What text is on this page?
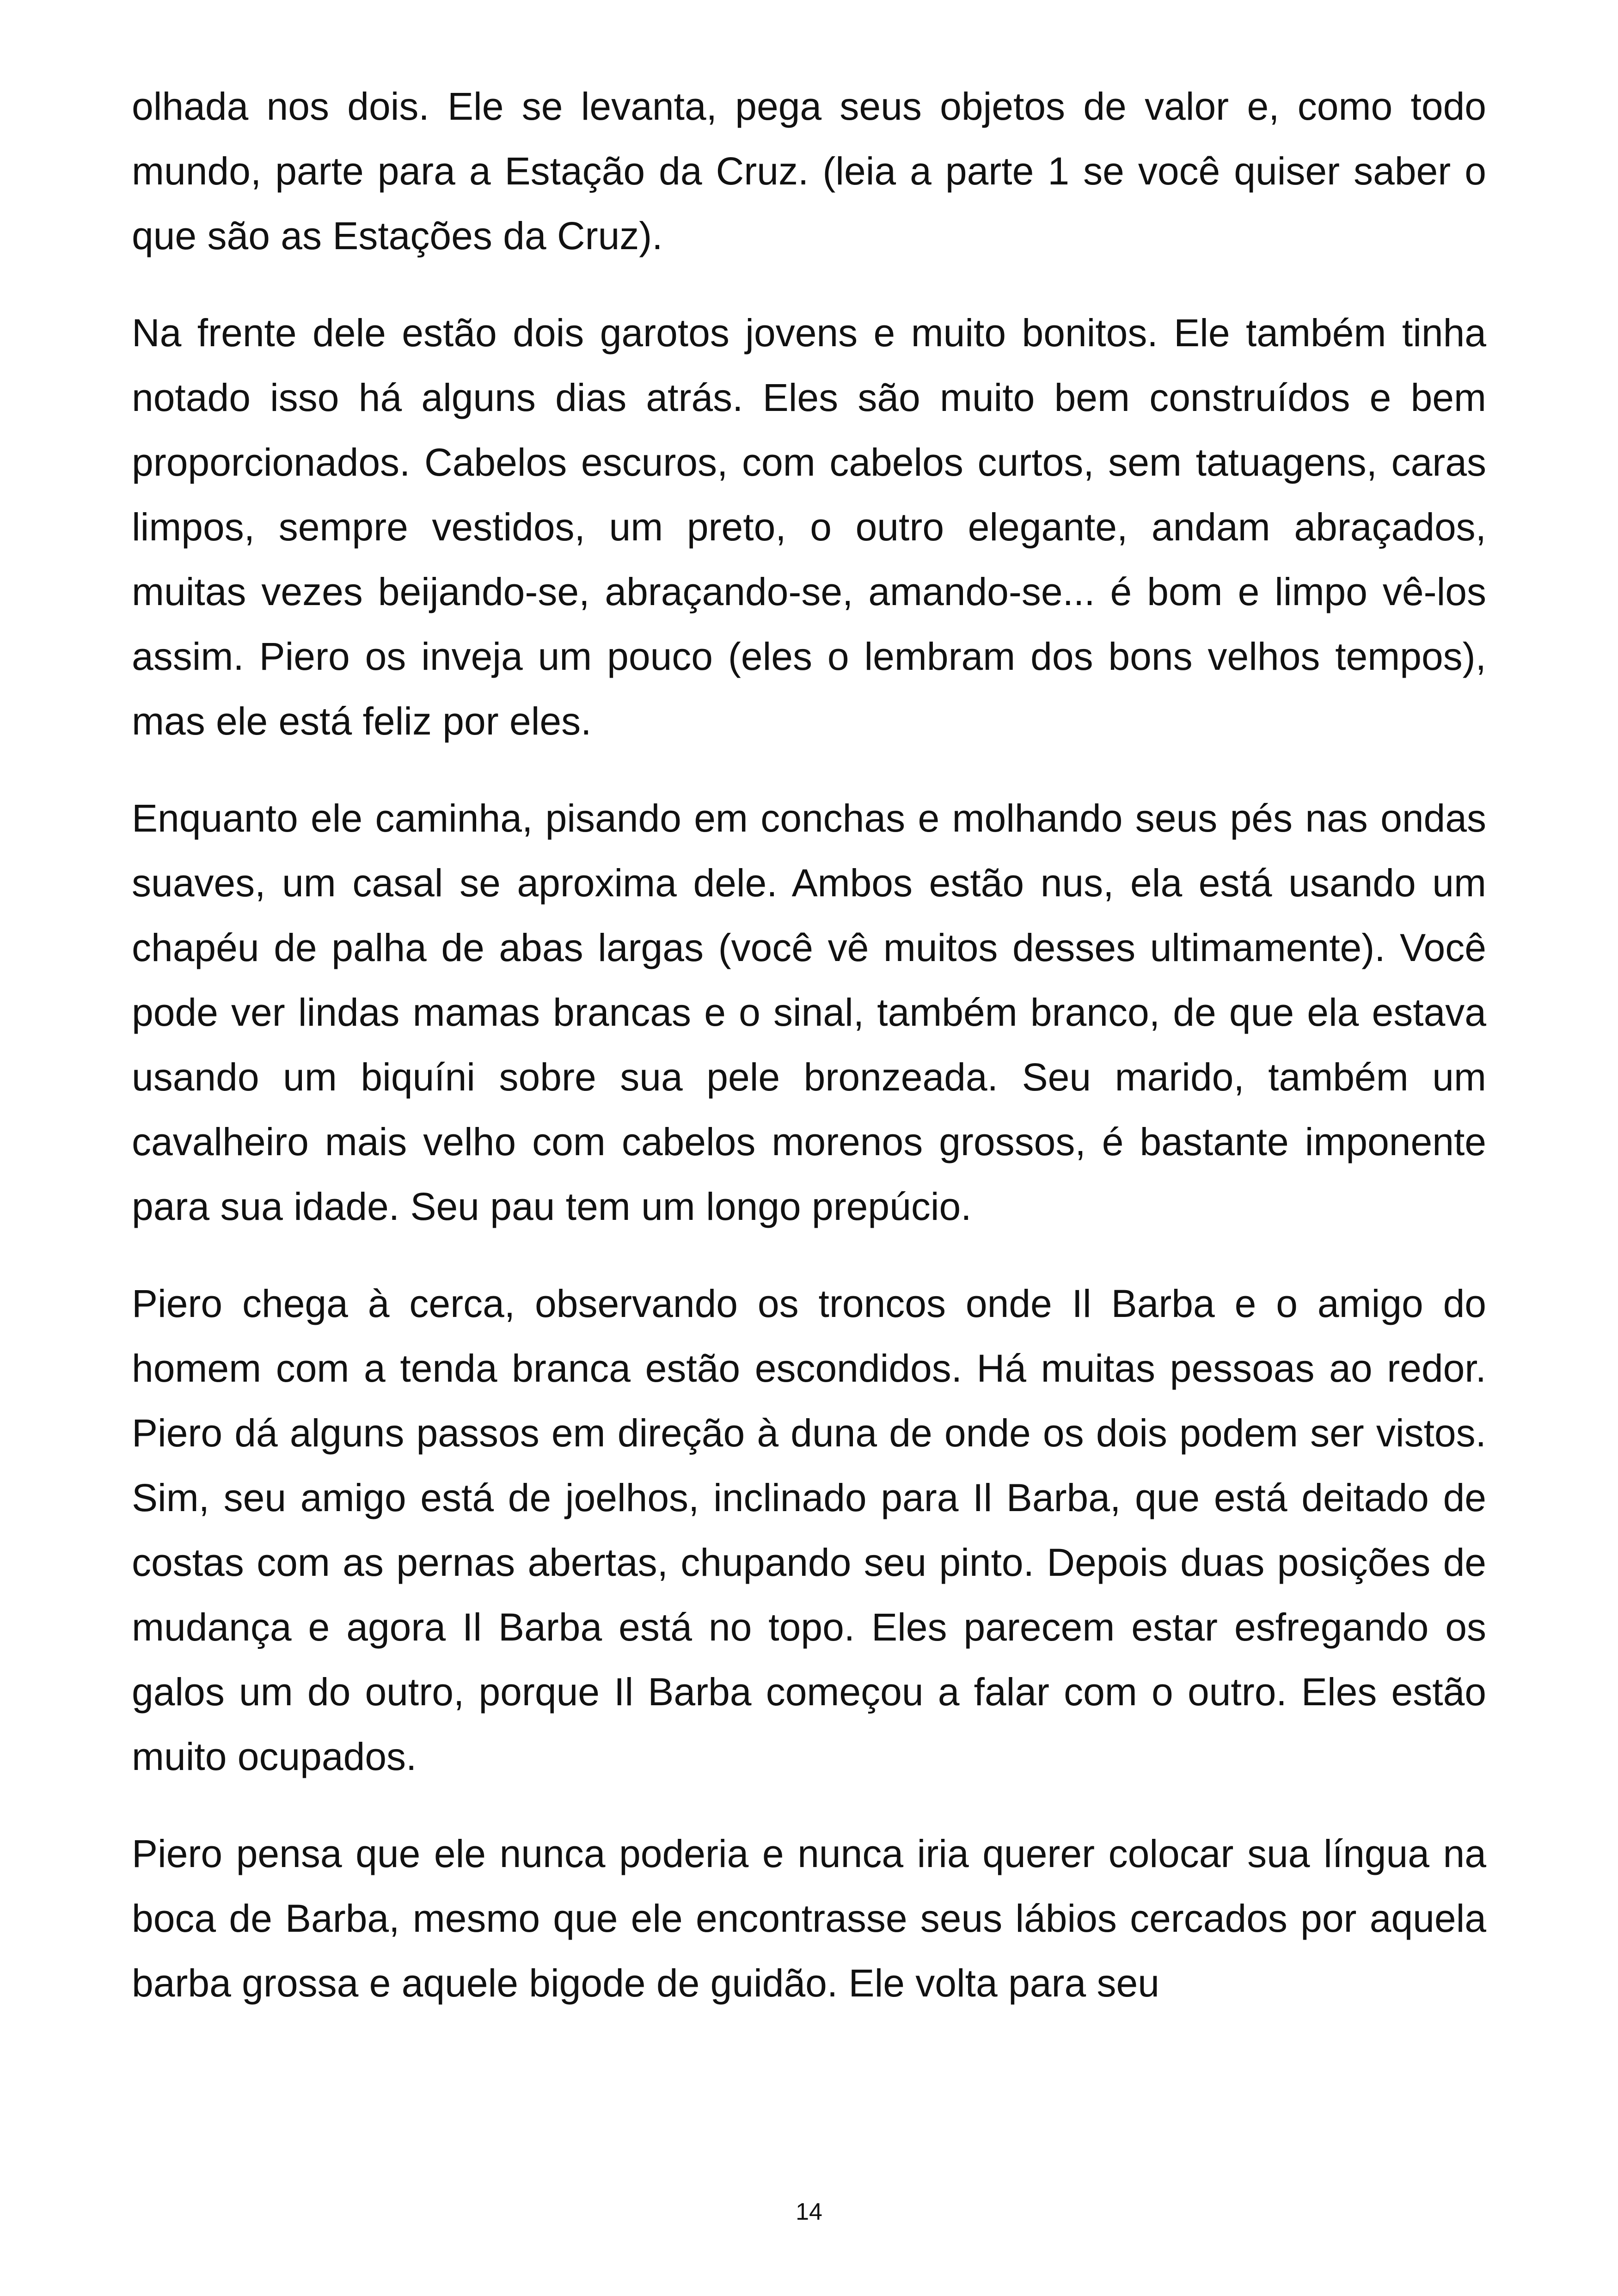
olhada nos dois. Ele se levanta, pega seus objetos de valor e, como todo mundo, parte para a Estação da Cruz. (leia a parte 1 se você quiser saber o que são as Estações da Cruz).

Na frente dele estão dois garotos jovens e muito bonitos. Ele também tinha notado isso há alguns dias atrás. Eles são muito bem construídos e bem proporcionados. Cabelos escuros, com cabelos curtos, sem tatuagens, caras limpos, sempre vestidos, um preto, o outro elegante, andam abraçados, muitas vezes beijando-se, abraçando-se, amando-se... é bom e limpo vê-los assim. Piero os inveja um pouco (eles o lembram dos bons velhos tempos), mas ele está feliz por eles.

Enquanto ele caminha, pisando em conchas e molhando seus pés nas ondas suaves, um casal se aproxima dele. Ambos estão nus, ela está usando um chapéu de palha de abas largas (você vê muitos desses ultimamente). Você pode ver lindas mamas brancas e o sinal, também branco, de que ela estava usando um biquíni sobre sua pele bronzeada. Seu marido, também um cavalheiro mais velho com cabelos morenos grossos, é bastante imponente para sua idade. Seu pau tem um longo prepúcio.

Piero chega à cerca, observando os troncos onde Il Barba e o amigo do homem com a tenda branca estão escondidos. Há muitas pessoas ao redor. Piero dá alguns passos em direção à duna de onde os dois podem ser vistos. Sim, seu amigo está de joelhos, inclinado para Il Barba, que está deitado de costas com as pernas abertas, chupando seu pinto. Depois duas posições de mudança e agora Il Barba está no topo. Eles parecem estar esfregando os galos um do outro, porque Il Barba começou a falar com o outro. Eles estão muito ocupados.

Piero pensa que ele nunca poderia e nunca iria querer colocar sua língua na boca de Barba, mesmo que ele encontrasse seus lábios cercados por aquela barba grossa e aquele bigode de guidão. Ele volta para seu

14
